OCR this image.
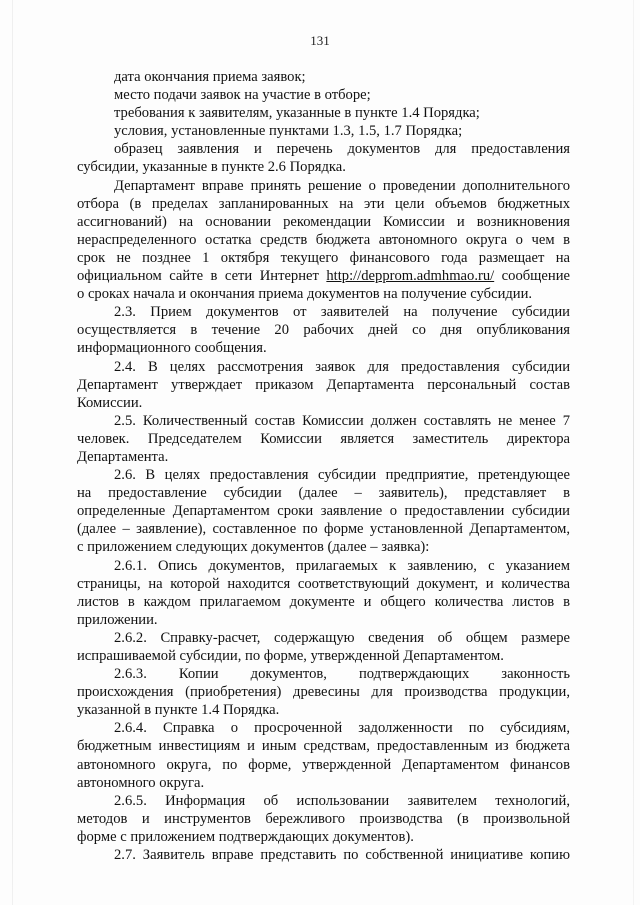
131
дата окончания приема заявок;
место подачи заявок на участие в отборе;
требования к заявителям, указанные в пункте 1.4 Порядка;
условия, установленные пунктами 1.3, 1.5, 1.7 Порядка;
образец заявления и перечень документов для предоставления
субсидии, указанные в пункте 2.6 Порядка.
Департамент вправе принять решение о проведении дополнительного
отбора (в пределах запланированных на эти цели объемов бюджетных
ассигнований) на основании рекомендации Комиссии и возникновения
нераспределенного остатка средств бюджета автономного округа о чем в
срок не позднее 1 октября текущего финансового года размещает на
официальном сайте в сети Интернет http://depprom.admhmao.ru/ сообщение
о сроках начала и окончания приема документов на получение субсидии.
2.3. Прием документов от заявителей на получение субсидии
осуществляется в течение 20 рабочих дней со дня опубликования
информационного сообщения.
2.4. В целях рассмотрения заявок для предоставления субсидии
Департамент утверждает приказом Департамента персональный состав
Комиссии.
2.5. Количественный состав Комиссии должен составлять не менее 7
человек. Председателем Комиссии является заместитель директора
Департамента.
2.6. В целях предоставления субсидии предприятие, претендующее
на предоставление субсидии (далее – заявитель), представляет в
определенные Департаментом сроки заявление о предоставлении субсидии
(далее – заявление), составленное по форме установленной Департаментом,
с приложением следующих документов (далее – заявка):
2.6.1. Опись документов, прилагаемых к заявлению, с указанием
страницы, на которой находится соответствующий документ, и количества
листов в каждом прилагаемом документе и общего количества листов в
приложении.
2.6.2. Справку-расчет, содержащую сведения об общем размере
испрашиваемой субсидии, по форме, утвержденной Департаментом.
2.6.3. Копии документов, подтверждающих законность
происхождения (приобретения) древесины для производства продукции,
указанной в пункте 1.4 Порядка.
2.6.4. Справка о просроченной задолженности по субсидиям,
бюджетным инвестициям и иным средствам, предоставленным из бюджета
автономного округа, по форме, утвержденной Департаментом финансов
автономного округа.
2.6.5. Информация об использовании заявителем технологий,
методов и инструментов бережливого производства (в произвольной
форме с приложением подтверждающих документов).
2.7. Заявитель вправе представить по собственной инициативе копию
